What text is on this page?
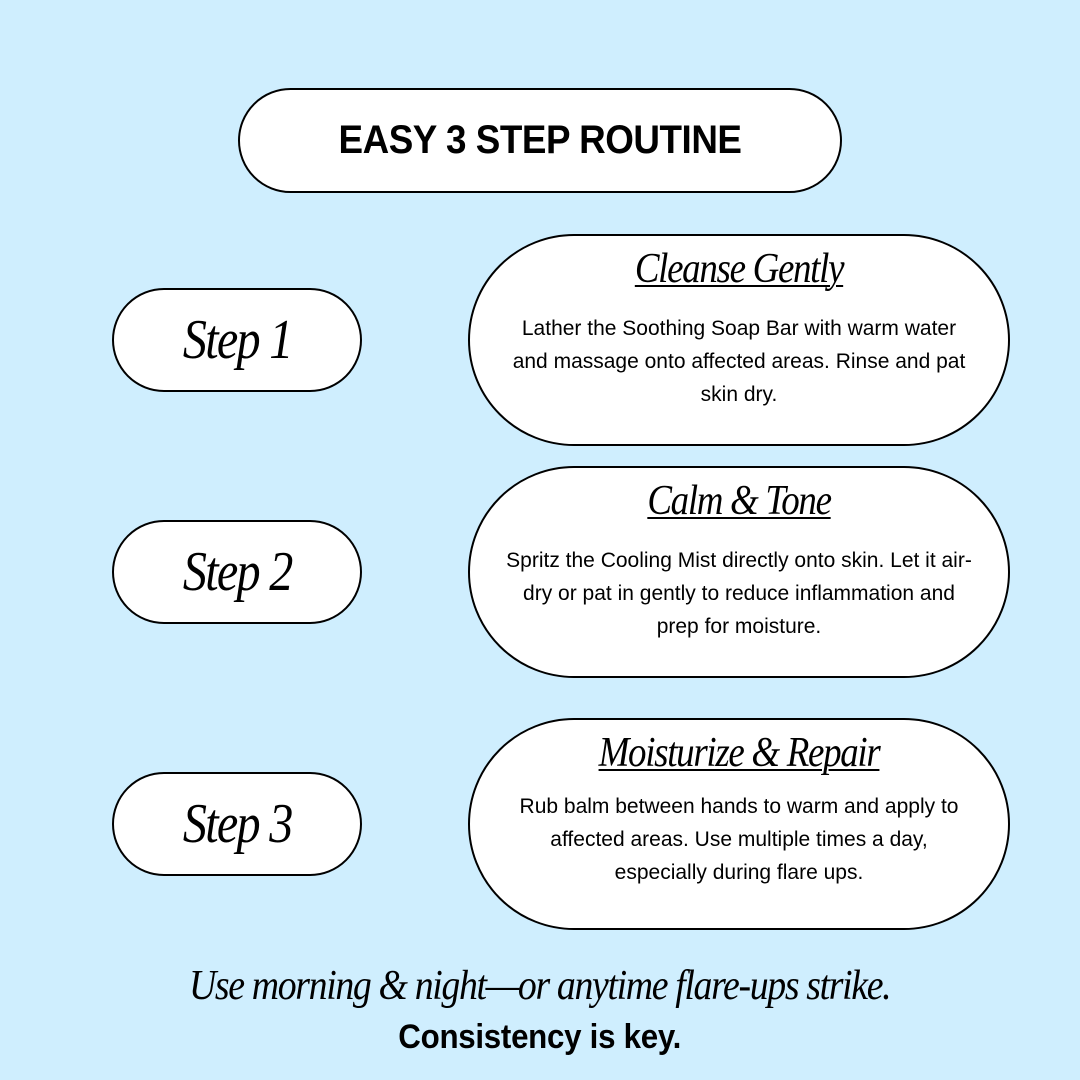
EASY 3 STEP ROUTINE
Step 1
Cleanse Gently
Lather the Soothing Soap Bar with warm water and massage onto affected areas. Rinse and pat skin dry.
Step 2
Calm & Tone
Spritz the Cooling Mist directly onto skin. Let it air-dry or pat in gently to reduce inflammation and prep for moisture.
Step 3
Moisturize & Repair
Rub balm between hands to warm and apply to affected areas. Use multiple times a day, especially during flare ups.
Use morning & night—or anytime flare-ups strike.
Consistency is key.
